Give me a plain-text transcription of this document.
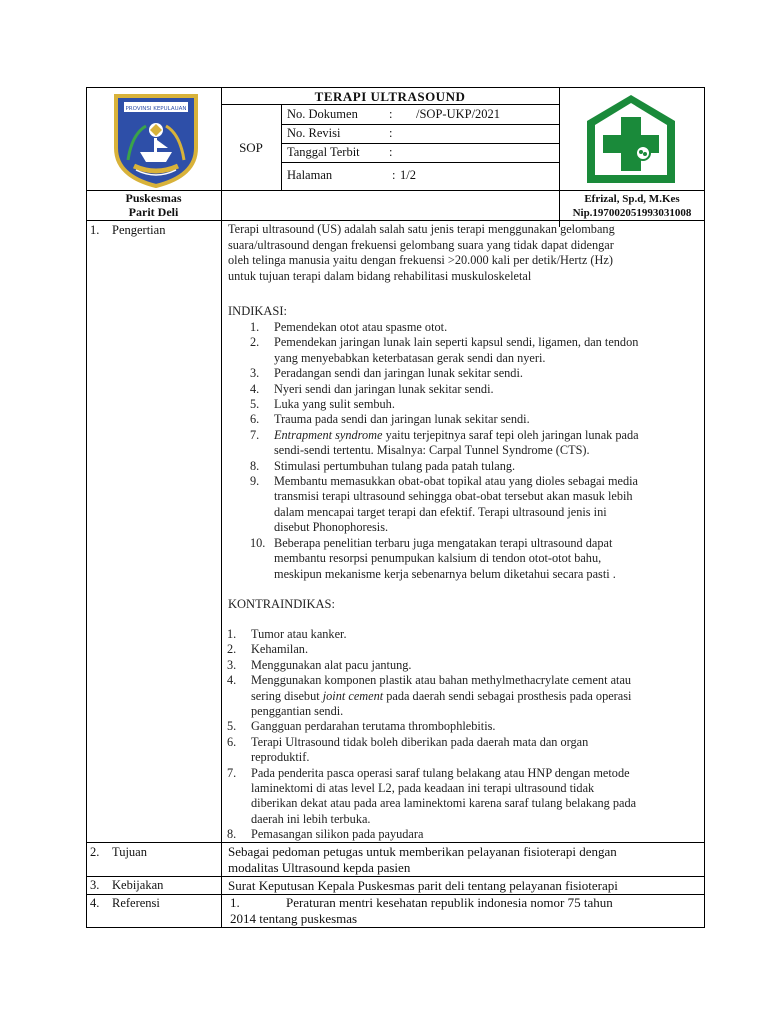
PROVINSI KEPULAUAN
TERAPI ULTRASOUND
SOP
No. Dokumen : /SOP-UKP/2021
No. Revisi	:
Tanggal Terbit :
Halaman	: 1/2
Puskesmas
Parit Deli
Efrizal, Sp.d, M.Kes
Nip.197002051993031008
1. Pengertian	Terapi ultrasound (US) adalah salah satu jenis terapi menggunakan gelombang
suara/ultrasound dengan frekuensi gelombang suara yang tidak dapat didengar
oleh telinga manusia yaitu dengan frekuensi >20.000 kali per detik/Hertz (Hz)
untuk tujuan terapi dalam bidang rehabilitasi muskuloskeletal
INDIKASI:
1. Pemendekan otot atau spasme otot.
2. Pemendekan jaringan lunak lain seperti kapsul sendi, ligamen, dan tendon
yang menyebabkan keterbatasan gerak sendi dan nyeri.
3. Peradangan sendi dan jaringan lunak sekitar sendi.
4. Nyeri sendi dan jaringan lunak sekitar sendi.
5. Luka yang sulit sembuh.
6. Trauma pada sendi dan jaringan lunak sekitar sendi.
7. Entrapment syndrome yaitu terjepitnya saraf tepi oleh jaringan lunak pada
sendi-sendi tertentu. Misalnya: Carpal Tunnel Syndrome (CTS).
8. Stimulasi pertumbuhan tulang pada patah tulang.
9. Membantu memasukkan obat-obat topikal atau yang dioles sebagai media
transmisi terapi ultrasound sehingga obat-obat tersebut akan masuk lebih
dalam mencapai target terapi dan efektif. Terapi ultrasound jenis ini
disebut Phonophoresis.
10. Beberapa penelitian terbaru juga mengatakan terapi ultrasound dapat
membantu resorpsi penumpukan kalsium di tendon otot-otot bahu,
meskipun mekanisme kerja sebenarnya belum diketahui secara pasti .
KONTRAINDIKAS:
1. Tumor atau kanker.
2. Kehamilan.
3. Menggunakan alat pacu jantung.
4. Menggunakan komponen plastik atau bahan methylmethacrylate cement atau
sering disebut joint cement pada daerah sendi sebagai prosthesis pada operasi
penggantian sendi.
5. Gangguan perdarahan terutama thrombophlebitis.
6. Terapi Ultrasound tidak boleh diberikan pada daerah mata dan organ
reproduktif.
7. Pada penderita pasca operasi saraf tulang belakang atau HNP dengan metode
laminektomi di atas level L2, pada keadaan ini terapi ultrasound tidak
diberikan dekat atau pada area laminektomi karena saraf tulang belakang pada
daerah ini lebih terbuka.
8. Pemasangan silikon pada payudara
2. Tujuan	Sebagai pedoman petugas untuk memberikan pelayanan fisioterapi dengan
modalitas Ultrasound kepda pasien
3. Kebijakan	Surat Keputusan Kepala Puskesmas parit deli tentang pelayanan fisioterapi
4. Referensi	1.	Peraturan mentri kesehatan republik indonesia nomor 75 tahun
2014 tentang puskesmas
